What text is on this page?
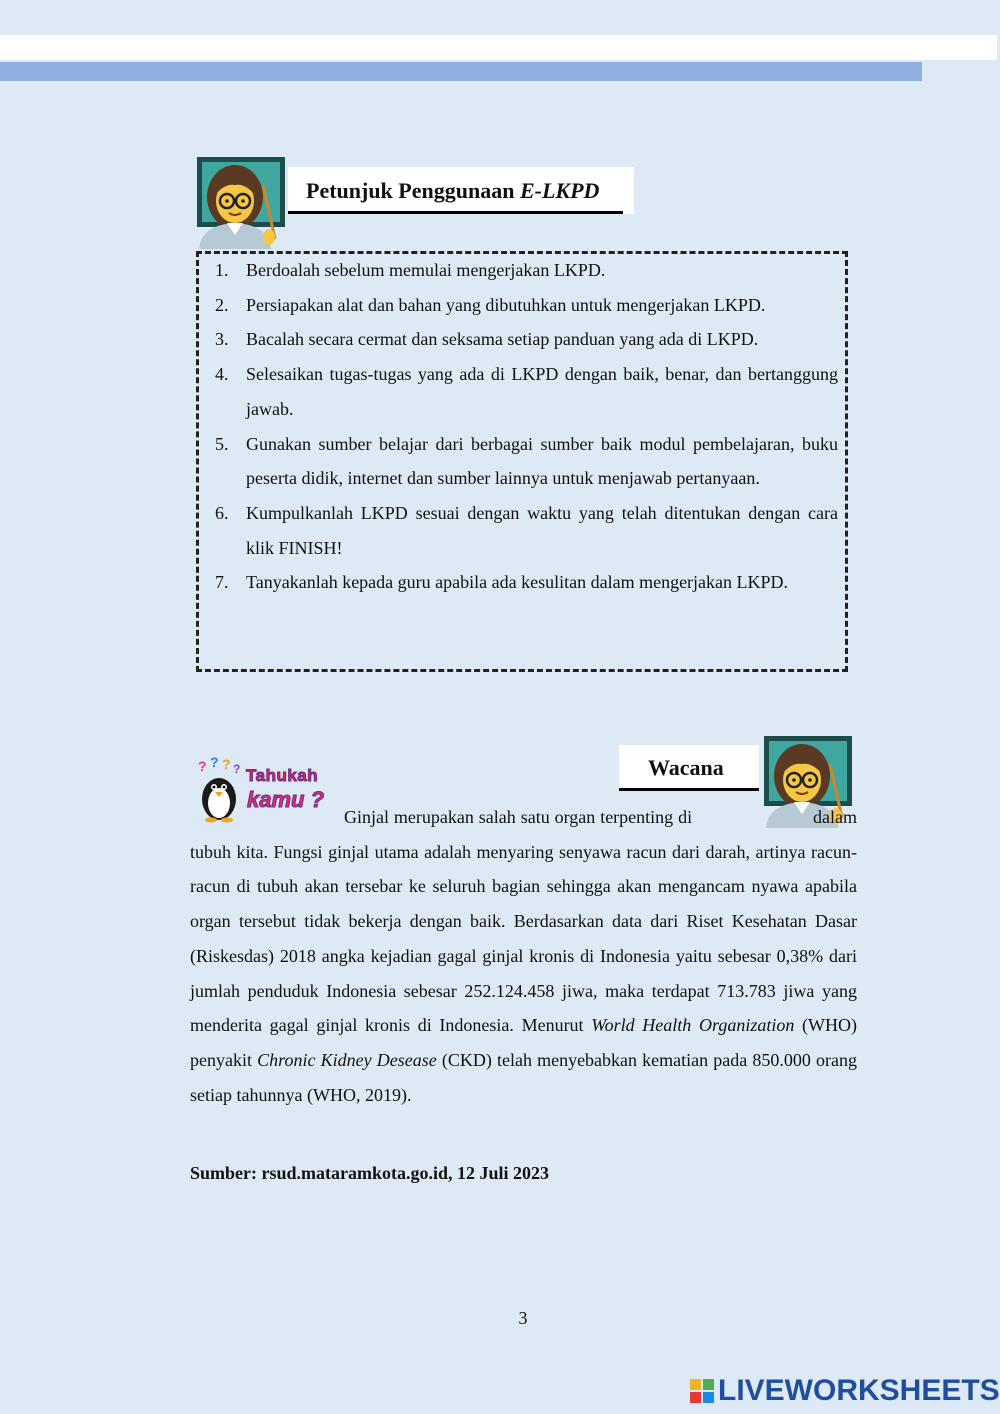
Petunjuk Penggunaan E-LKPD
1. Berdoalah sebelum memulai mengerjakan LKPD.
2. Persiapakan alat dan bahan yang dibutuhkan untuk mengerjakan LKPD.
3. Bacalah secara cermat dan seksama setiap panduan yang ada di LKPD.
4. Selesaikan tugas-tugas yang ada di LKPD dengan baik, benar, dan bertanggung jawab.
5. Gunakan sumber belajar dari berbagai sumber baik modul pembelajaran, buku peserta didik, internet dan sumber lainnya untuk menjawab pertanyaan.
6. Kumpulkanlah LKPD sesuai dengan waktu yang telah ditentukan dengan cara klik FINISH!
7. Tanyakanlah kepada guru apabila ada kesulitan dalam mengerjakan LKPD.
Wacana
? ? ? ? Tahukah
kamu ?

Ginjal merupakan salah satu organ terpenting di	dalam tubuh kita. Fungsi ginjal utama adalah menyaring senyawa racun dari darah, artinya racun-racun di tubuh akan tersebar ke seluruh bagian sehingga akan mengancam nyawa apabila organ tersebut tidak bekerja dengan baik. Berdasarkan data dari Riset Kesehatan Dasar (Riskesdas) 2018 angka kejadian gagal ginjal kronis di Indonesia yaitu sebesar 0,38% dari jumlah penduduk Indonesia sebesar 252.124.458 jiwa, maka terdapat 713.783 jiwa yang menderita gagal ginjal kronis di Indonesia. Menurut World Health Organization (WHO) penyakit Chronic Kidney Desease (CKD) telah menyebabkan kematian pada 850.000 orang setiap tahunnya (WHO, 2019).

Sumber: rsud.mataramkota.go.id, 12 Juli 2023
3
LIVEWORKSHEETS
